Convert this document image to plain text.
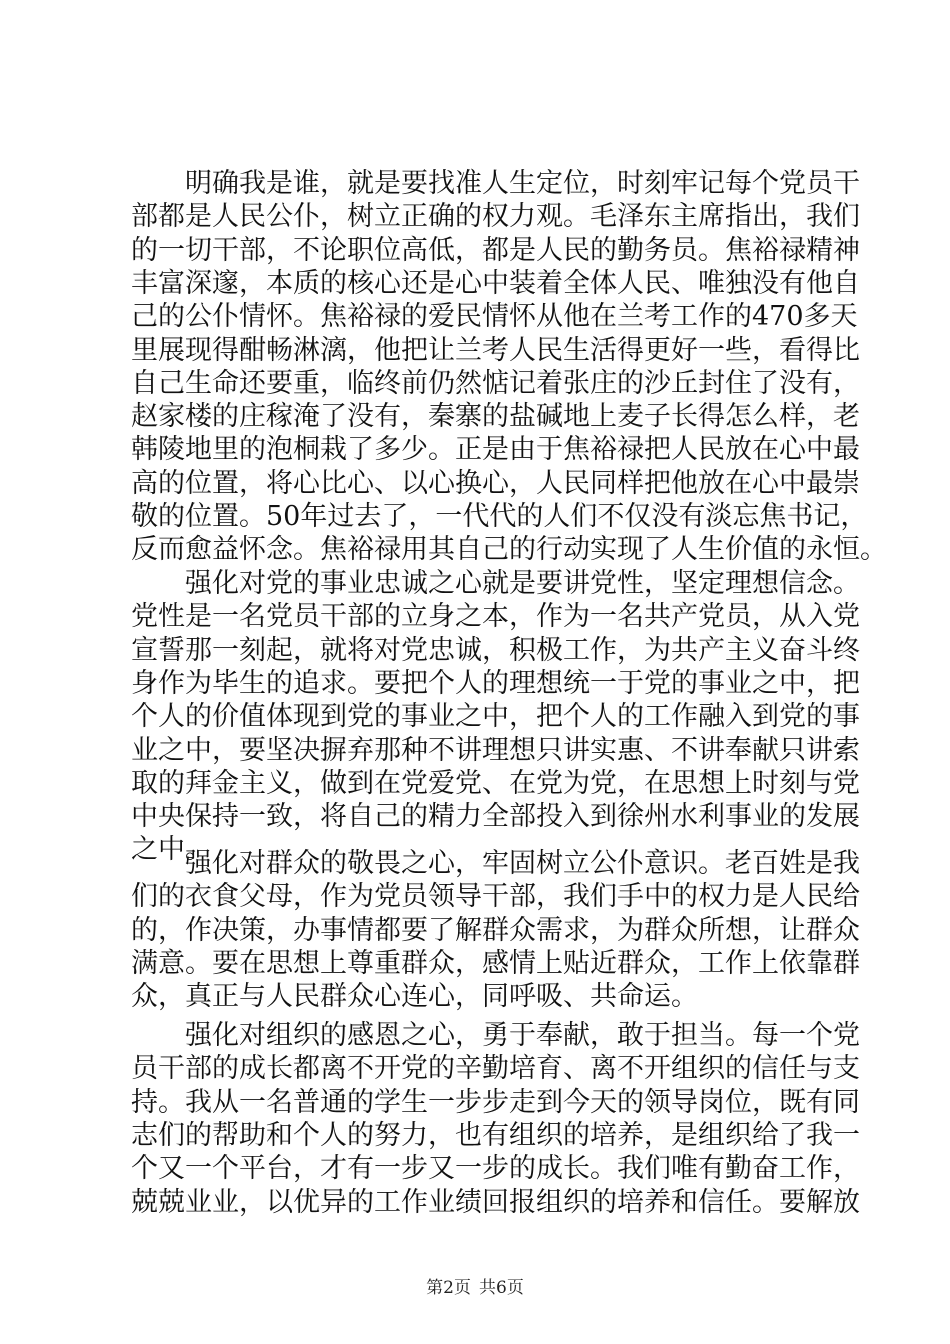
明确我是谁，就是要找准人生定位，时刻牢记每个党员干

部都是人民公仆，树立正确的权力观。毛泽东主席指出，我们

的一切干部，不论职位高低，都是人民的勤务员。焦裕禄精神

丰富深邃，本质的核心还是心中装着全体人民、唯独没有他自

己的公仆情怀。焦裕禄的爱民情怀从他在兰考工作的470多天

里展现得酣畅淋漓，他把让兰考人民生活得更好一些，看得比

自己生命还要重，临终前仍然惦记着张庄的沙丘封住了没有，

赵家楼的庄稼淹了没有，秦寨的盐碱地上麦子长得怎么样，老

韩陵地里的泡桐栽了多少。正是由于焦裕禄把人民放在心中最

高的位置，将心比心、以心换心，人民同样把他放在心中最崇

敬的位置。50年过去了，一代代的人们不仅没有淡忘焦书记，

反而愈益怀念。焦裕禄用其自己的行动实现了人生价值的永恒。

强化对党的事业忠诚之心就是要讲党性，坚定理想信念。

党性是一名党员干部的立身之本，作为一名共产党员，从入党

宣誓那一刻起，就将对党忠诚，积极工作，为共产主义奋斗终

身作为毕生的追求。要把个人的理想统一于党的事业之中，把

个人的价值体现到党的事业之中，把个人的工作融入到党的事

业之中，要坚决摒弃那种不讲理想只讲实惠、不讲奉献只讲索

取的拜金主义，做到在党爱党、在党为党，在思想上时刻与党

中央保持一致，将自己的精力全部投入到徐州水利事业的发展

之中。

强化对群众的敬畏之心，牢固树立公仆意识。老百姓是我

们的衣食父母，作为党员领导干部，我们手中的权力是人民给

的，作决策，办事情都要了解群众需求，为群众所想，让群众

满意。要在思想上尊重群众，感情上贴近群众，工作上依靠群

众，真正与人民群众心连心，同呼吸、共命运。

强化对组织的感恩之心，勇于奉献，敢于担当。每一个党

员干部的成长都离不开党的辛勤培育、离不开组织的信任与支

持。我从一名普通的学生一步步走到今天的领导岗位，既有同

志们的帮助和个人的努力，也有组织的培养，是组织给了我一

个又一个平台，才有一步又一步的成长。我们唯有勤奋工作，

兢兢业业，以优异的工作业绩回报组织的培养和信任。要解放

第2页 共6页
